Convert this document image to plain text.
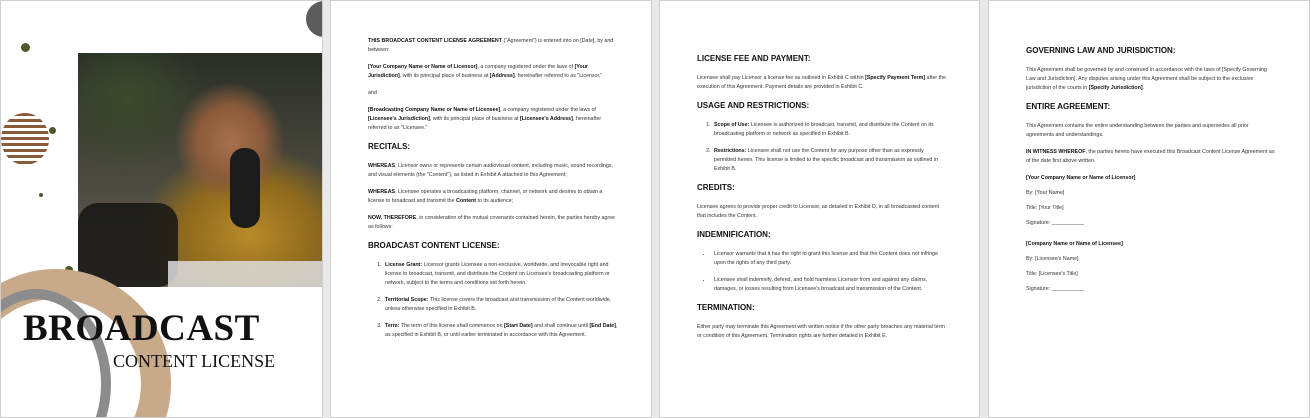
BROADCAST
CONTENT LICENSE

THIS BROADCAST CONTENT LICENSE AGREEMENT ("Agreement") is entered into on [Date], by and between:

[Your Company Name or Name of Licensor], a company registered under the laws of [Your Jurisdiction], with its principal place of business at [Address], hereinafter referred to as "Licensor,"

and

[Broadcasting Company Name or Name of Licensee], a company registered under the laws of [Licensee's Jurisdiction], with its principal place of business at [Licensee's Address], hereinafter referred to as "Licensee."

RECITALS:

WHEREAS, Licensor owns or represents certain audiovisual content, including music, sound recordings, and visual elements (the "Content"), as listed in Exhibit A attached to this Agreement;

WHEREAS, Licensee operates a broadcasting platform, channel, or network and desires to obtain a license to broadcast and transmit the Content to its audience;

NOW, THEREFORE, in consideration of the mutual covenants contained herein, the parties hereby agree as follows:

BROADCAST CONTENT LICENSE:
1. License Grant: Licensor grants Licensee a non-exclusive, worldwide, and irrevocable right and license to broadcast, transmit, and distribute the Content on Licensee's broadcasting platform or network, subject to the terms and conditions set forth herein.
2. Territorial Scope: This license covers the broadcast and transmission of the Content worldwide, unless otherwise specified in Exhibit B.
3. Term: The term of this license shall commence on [Start Date] and shall continue until [End Date], as specified in Exhibit B, or until earlier terminated in accordance with this Agreement.
LICENSE FEE AND PAYMENT:

Licensee shall pay Licensor a license fee as outlined in Exhibit C within [Specify Payment Term] after the execution of this Agreement. Payment details are provided in Exhibit C.

USAGE AND RESTRICTIONS:
1. Scope of Use: Licensee is authorized to broadcast, transmit, and distribute the Content on its broadcasting platform or network as specified in Exhibit B.
2. Restrictions: Licensee shall not use the Content for any purpose other than as expressly permitted herein. This license is limited to the specific broadcast and transmission as outlined in Exhibit B.
CREDITS:

Licensee agrees to provide proper credit to Licensor, as detailed in Exhibit D, in all broadcasted content that includes the Content.

INDEMNIFICATION:
• Licensor warrants that it has the right to grant this license and that the Content does not infringe upon the rights of any third party.
• Licensee shall indemnify, defend, and hold harmless Licensor from and against any claims, damages, or losses resulting from Licensee's broadcast and transmission of the Content.
TERMINATION:

Either party may terminate this Agreement with written notice if the other party breaches any material term or condition of this Agreement. Termination rights are further detailed in Exhibit E.

GOVERNING LAW AND JURISDICTION:

This Agreement shall be governed by and construed in accordance with the laws of [Specify Governing Law and Jurisdiction]. Any disputes arising under this Agreement shall be subject to the exclusive jurisdiction of the courts in [Specify Jurisdiction].

ENTIRE AGREEMENT:

This Agreement contains the entire understanding between the parties and supersedes all prior agreements and understandings.

IN WITNESS WHEREOF, the parties hereto have executed this Broadcast Content License Agreement as of the date first above written.

[Your Company Name or Name of Licensor]

By: [Your Name]

Title: [Your Title]

Signature: ___________

[Company Name or Name of Licensee]

By: [Licensee's Name]

Title: [Licensee's Title]

Signature: ___________
